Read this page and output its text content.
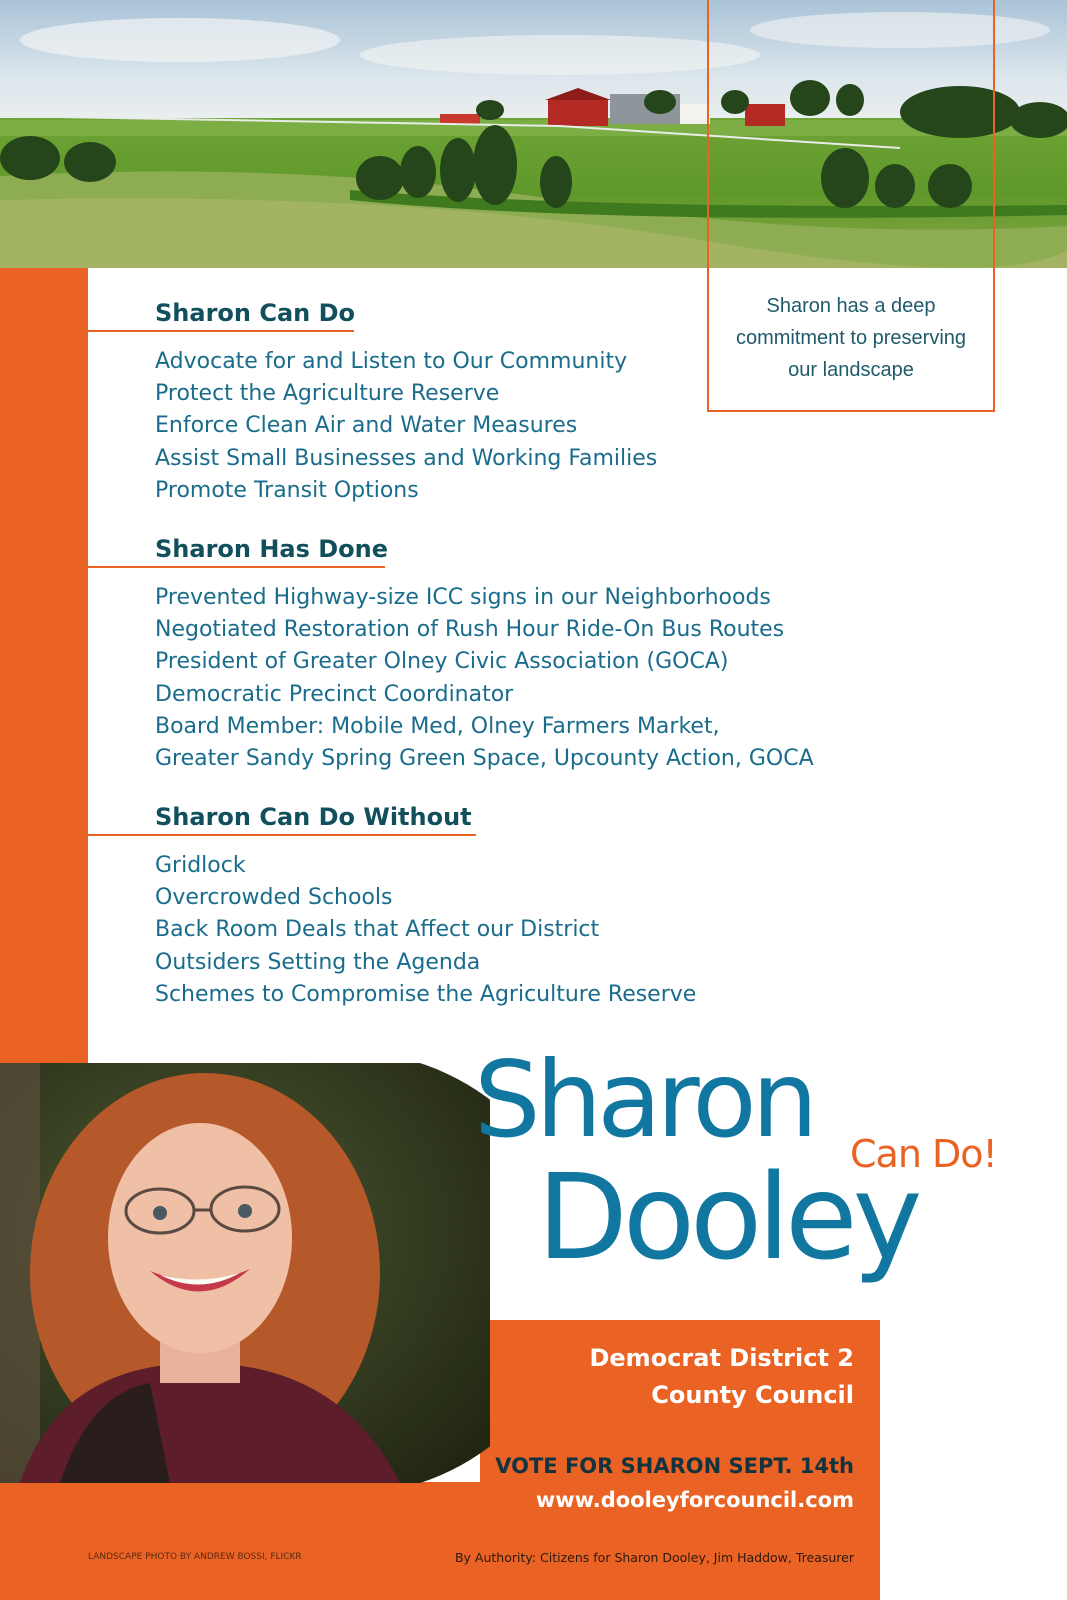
Sharon has a deep commitment to preserving our landscape
Sharon Can Do
Advocate for and Listen to Our Community
Protect the Agriculture Reserve
Enforce Clean Air and Water Measures
Assist Small Businesses and Working Families
Promote Transit Options
Sharon Has Done
Prevented Highway-size ICC signs in our Neighborhoods
Negotiated Restoration of Rush Hour Ride-On Bus Routes
President of Greater Olney Civic Association (GOCA)
Democratic Precinct Coordinator
Board Member: Mobile Med, Olney Farmers Market,
Greater Sandy Spring Green Space, Upcounty Action, GOCA
Sharon Can Do Without
Gridlock
Overcrowded Schools
Back Room Deals that Affect our District
Outsiders Setting the Agenda
Schemes to Compromise the Agriculture Reserve
Sharon Can Do!
Dooley
Democrat District 2
County Council
VOTE FOR SHARON SEPT. 14th
www.dooleyforcouncil.com
LANDSCAPE PHOTO BY ANDREW BOSSI, FLICKR	By Authority: Citizens for Sharon Dooley, Jim Haddow, Treasurer
